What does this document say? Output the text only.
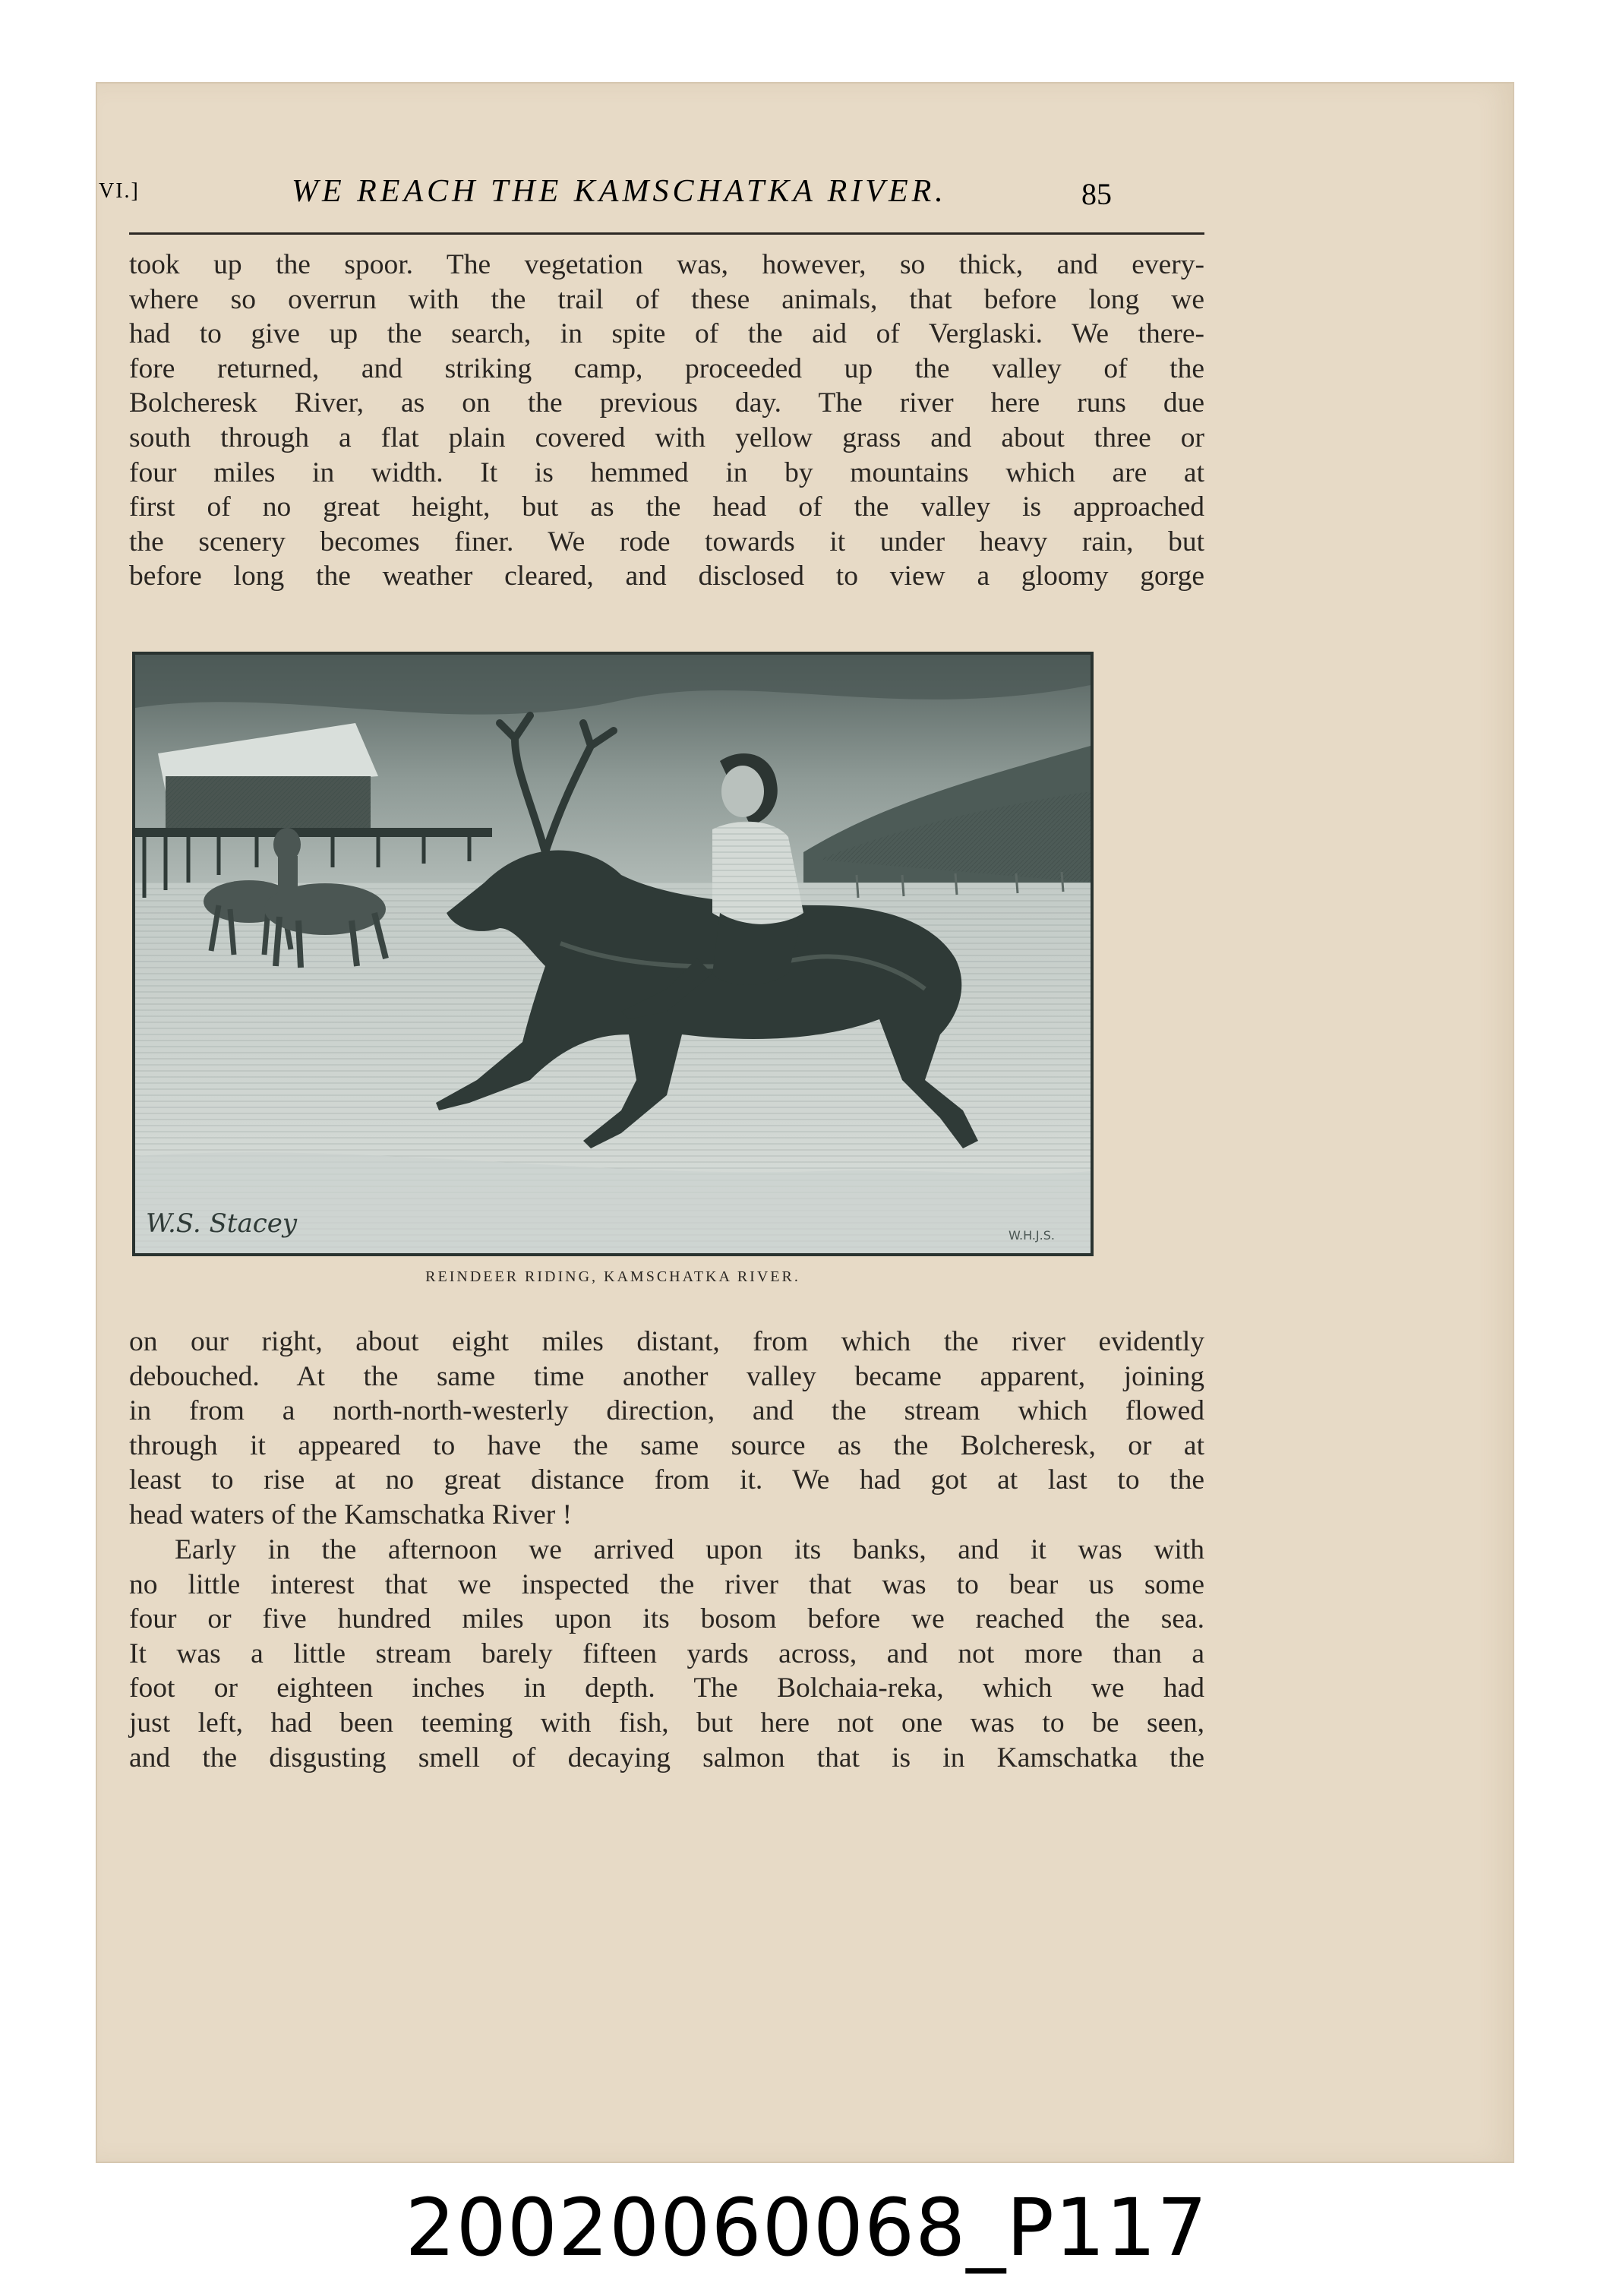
VI.]	WE REACH THE KAMSCHATKA RIVER.	85
took up the spoor. The vegetation was, however, so thick, and every-
where so overrun with the trail of these animals, that before long we
had to give up the search, in spite of the aid of Verglaski. We there-
fore returned, and striking camp, proceeded up the valley of the
Bolcheresk River, as on the previous day. The river here runs due
south through a flat plain covered with yellow grass and about three or
four miles in width. It is hemmed in by mountains which are at
first of no great height, but as the head of the valley is approached
the scenery becomes finer. We rode towards it under heavy rain, but
before long the weather cleared, and disclosed to view a gloomy gorge
W.S. Stacey	W.H.J.S.
REINDEER RIDING, KAMSCHATKA RIVER.
on our right, about eight miles distant, from which the river evidently
debouched. At the same time another valley became apparent, joining
in from a north-north-westerly direction, and the stream which flowed
through it appeared to have the same source as the Bolcheresk, or at
least to rise at no great distance from it. We had got at last to the
head waters of the Kamschatka River !
Early in the afternoon we arrived upon its banks, and it was with
no little interest that we inspected the river that was to bear us some
four or five hundred miles upon its bosom before we reached the sea.
It was a little stream barely fifteen yards across, and not more than a
foot or eighteen inches in depth. The Bolchaia-reka, which we had
just left, had been teeming with fish, but here not one was to be seen,
and the disgusting smell of decaying salmon that is in Kamschatka the
20020060068_P117
